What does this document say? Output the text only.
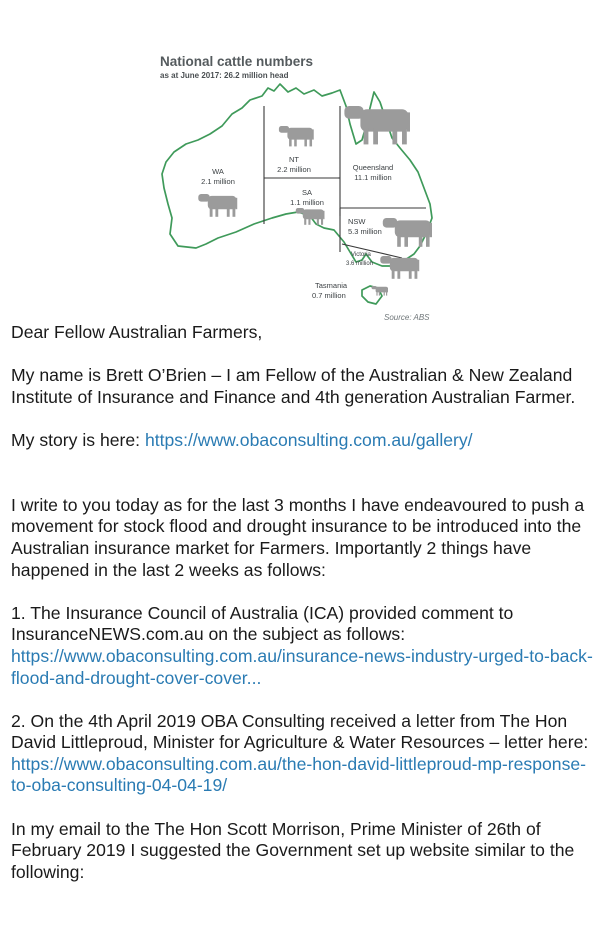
National cattle numbers
as at June 2017: 26.2 million head
WA
2.1 million
NT
2.2 million	Queensland
11.1 million
SA
1.1 million
NSW
5.3 million
Victoria
3.6 million
Tasmania
0.7 million
Source: ABS

Dear Fellow Australian Farmers,

My name is Brett O’Brien – I am Fellow of the Australian & New Zealand Institute of Insurance and Finance and 4th generation Australian Farmer.

My story is here: https://www.obaconsulting.com.au/gallery/

I write to you today as for the last 3 months I have endeavoured to push a movement for stock flood and drought insurance to be introduced into the Australian insurance market for Farmers. Importantly 2 things have happened in the last 2 weeks as follows:

1. The Insurance Council of Australia (ICA) provided comment to InsuranceNEWS.com.au on the subject as follows: https://www.obaconsulting.com.au/insurance-news-industry-urged-to-back-flood-and-drought-cover-cover...

2. On the 4th April 2019 OBA Consulting received a letter from The Hon David Littleproud, Minister for Agriculture & Water Resources – letter here: https://www.obaconsulting.com.au/the-hon-david-littleproud-mp-response-to-oba-consulting-04-04-19/

In my email to the The Hon Scott Morrison, Prime Minister of 26th of February 2019 I suggested the Government set up website similar to the following:
